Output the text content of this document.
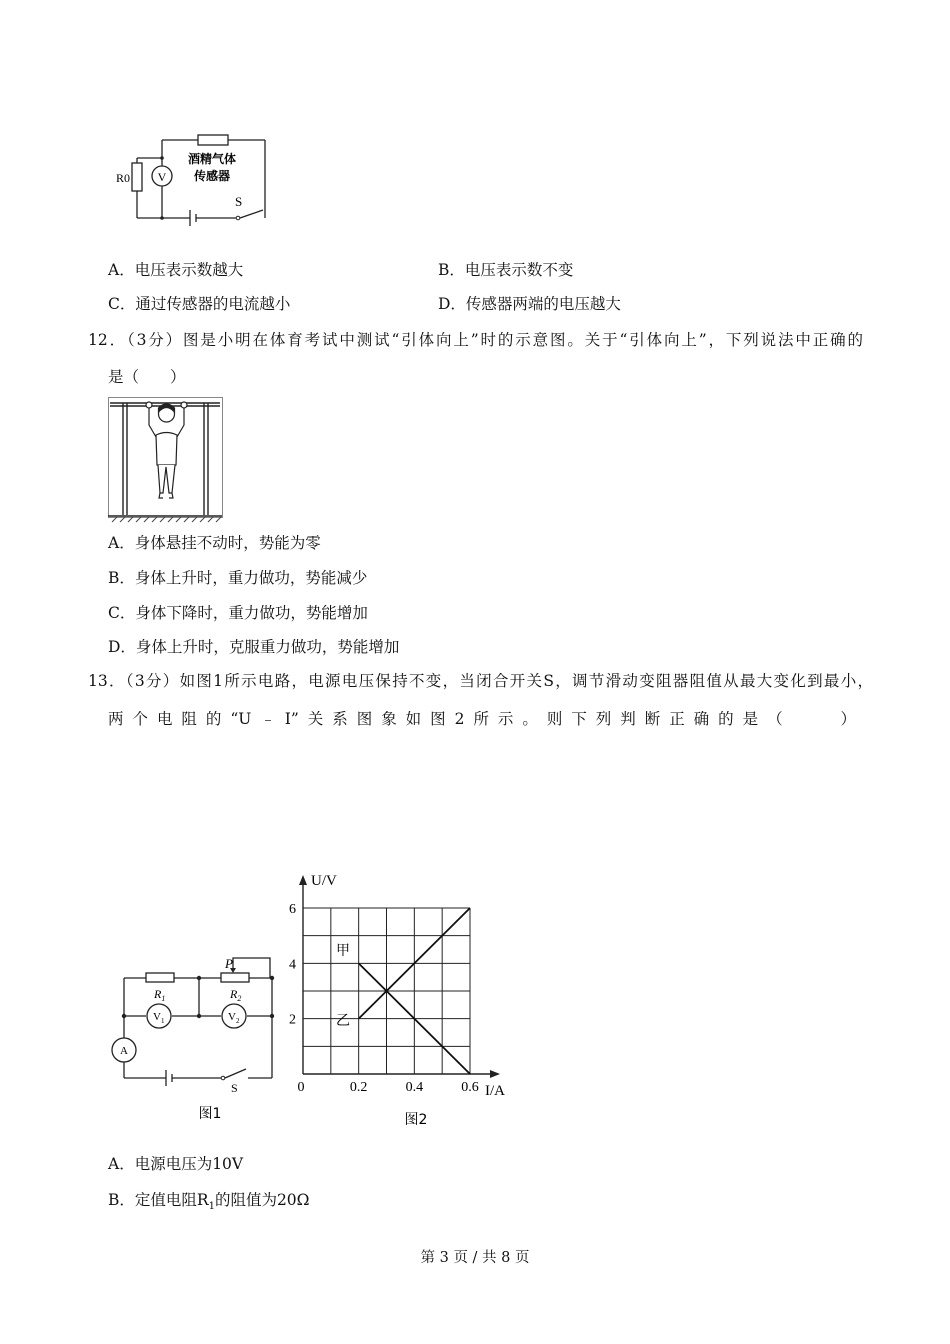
V
R0
酒精气体
传感器
S
A．电压表示数越大	B．电压表示数不变
C．通过传感器的电流越小	D．传感器两端的电压越大
12．（3分）图是小明在体育考试中测试“引体向上”时的示意图。关于“引体向上”，下列说法中正确的
是（　　）
A．身体悬挂不动时，势能为零
B．身体上升时，重力做功，势能减少
C．身体下降时，重力做功，势能增加
D．身体上升时，克服重力做功，势能增加
13．（3分）如图1所示电路，电源电压保持不变，当闭合开关S，调节滑动变阻器阻值从最大变化到最小，
两个电阻的“U﹣I”关系图象如图2所示。则下列判断正确的是（　　）
$R_1$	$R_2$
P
$V_1$	$V_2$
A
S
图1
0	0.2	0.4	0.6
2
4
6
U/V
I/A
甲
乙
图2
A．电源电压为10V
B．定值电阻$R_1$的阻值为20Ω
第 3 页 / 共 8 页
